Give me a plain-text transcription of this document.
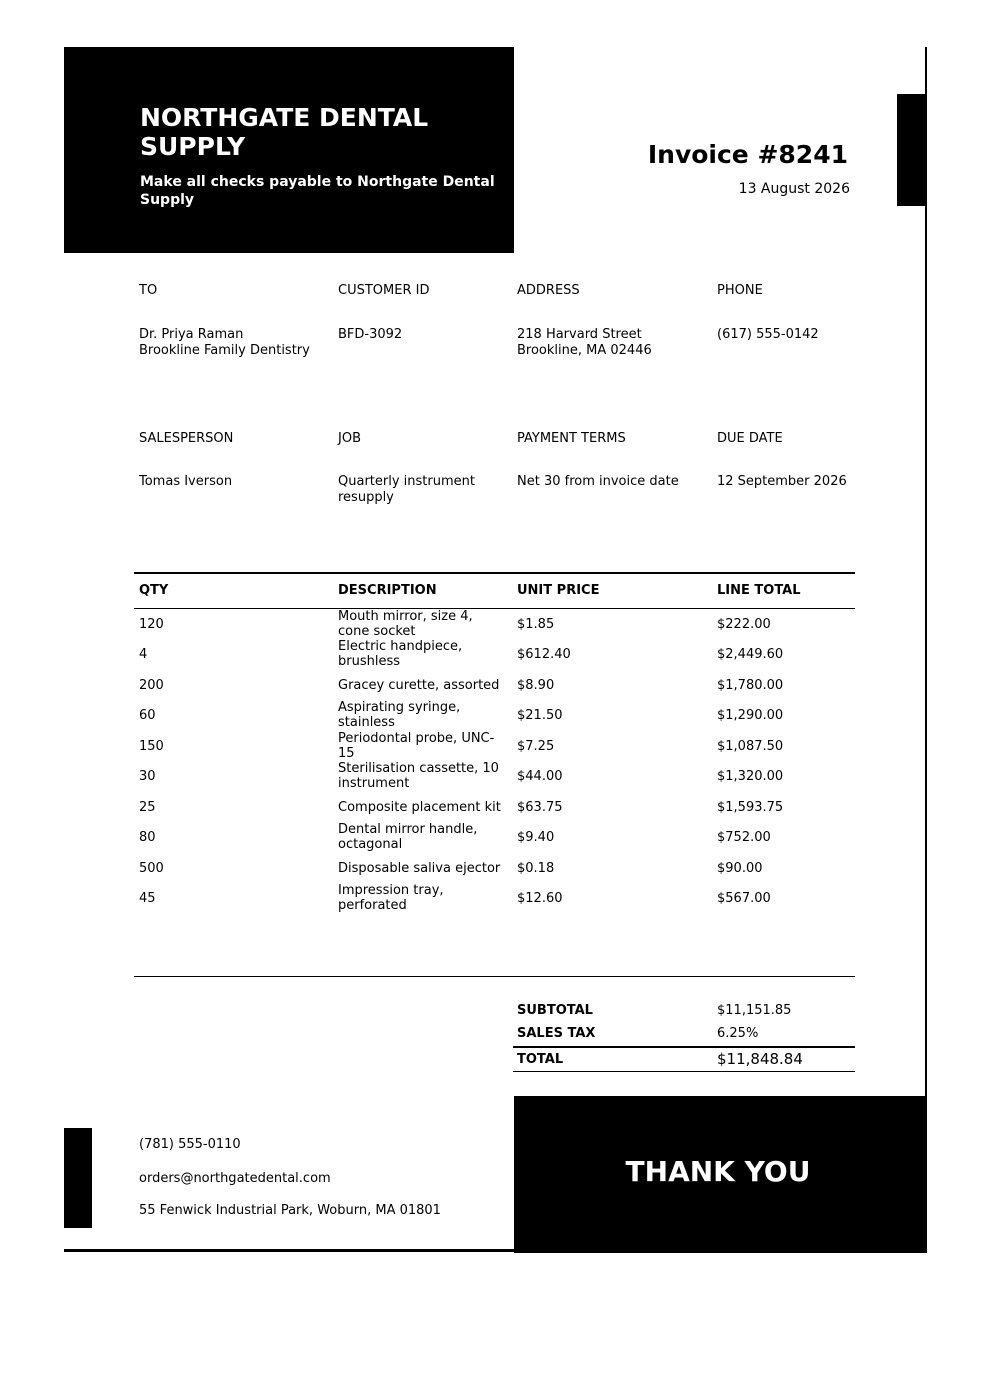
NORTHGATE DENTAL SUPPLY

Make all checks payable to Northgate Dental Supply

Invoice #8241
13 August 2026
TO
Dr. Priya Raman
Brookline Family Dentistry
CUSTOMER ID
BFD-3092
ADDRESS
218 Harvard Street
Brookline, MA 02446
PHONE
(617) 555-0142
SALESPERSON
Tomas Iverson
JOB
Quarterly instrument resupply
PAYMENT TERMS
Net 30 from invoice date
DUE DATE
12 September 2026
QTY	DESCRIPTION	UNIT PRICE	LINE TOTAL
120	Mouth mirror, size 4, cone socket	$1.85	$222.00
4	Electric handpiece, brushless	$612.40	$2,449.60
200	Gracey curette, assorted	$8.90	$1,780.00
60	Aspirating syringe, stainless	$21.50	$1,290.00
150	Periodontal probe, UNC-15	$7.25	$1,087.50
30	Sterilisation cassette, 10 instrument	$44.00	$1,320.00
25	Composite placement kit	$63.75	$1,593.75
80	Dental mirror handle, octagonal	$9.40	$752.00
500	Disposable saliva ejector	$0.18	$90.00
45	Impression tray, perforated	$12.60	$567.00
SUBTOTAL	$11,151.85
SALES TAX	6.25%
TOTAL	$11,848.84
(781) 555-0110
orders@northgatedental.com
55 Fenwick Industrial Park, Woburn, MA 01801

THANK YOU
